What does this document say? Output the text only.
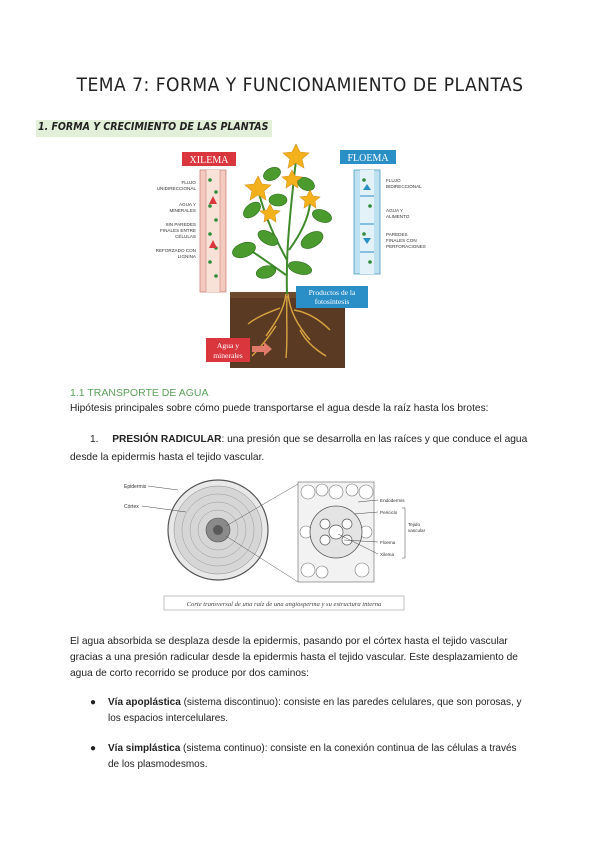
TEMA 7: FORMA Y FUNCIONAMIENTO DE PLANTAS
1. FORMA Y CRECIMIENTO DE LAS PLANTAS
XILEMA
FLUJO
UNIDIRECCIONAL
AGUA Y
MINERALES
SIN PAREDES
FINALES ENTRE
CÉLULAS
REFORZADO CON
LIGNINA
FLOEMA
FLUJO
BIDIRECCIONAL
AGUA Y
ALIMENTO
PAREDES
FINALES CON
PERFORACIONES
Productos de la
fotosíntesis
Agua y
minerales
1.1 TRANSPORTE DE AGUA
Hipótesis principales sobre cómo puede transportarse el agua desde la raíz hasta los brotes:
1. PRESIÓN RADICULAR: una presión que se desarrolla en las raíces y que conduce el agua
desde la epidermis hasta el tejido vascular.
Epidermis
Córtex
Endodermis
Periciclo
Floema
Xilema
Tejido
vascular
Corte transversal de una raíz de una angiosperma y su estructura interna
El agua absorbida se desplaza desde la epidermis, pasando por el córtex hasta el tejido vascular
gracias a una presión radicular desde la epidermis hasta el tejido vascular. Este desplazamiento de
agua de corto recorrido se produce por dos caminos:
● Vía apoplástica (sistema discontinuo): consiste en las paredes celulares, que son porosas, y
los espacios intercelulares.
● Vía simplástica (sistema continuo): consiste en la conexión continua de las células a través
de los plasmodesmos.
